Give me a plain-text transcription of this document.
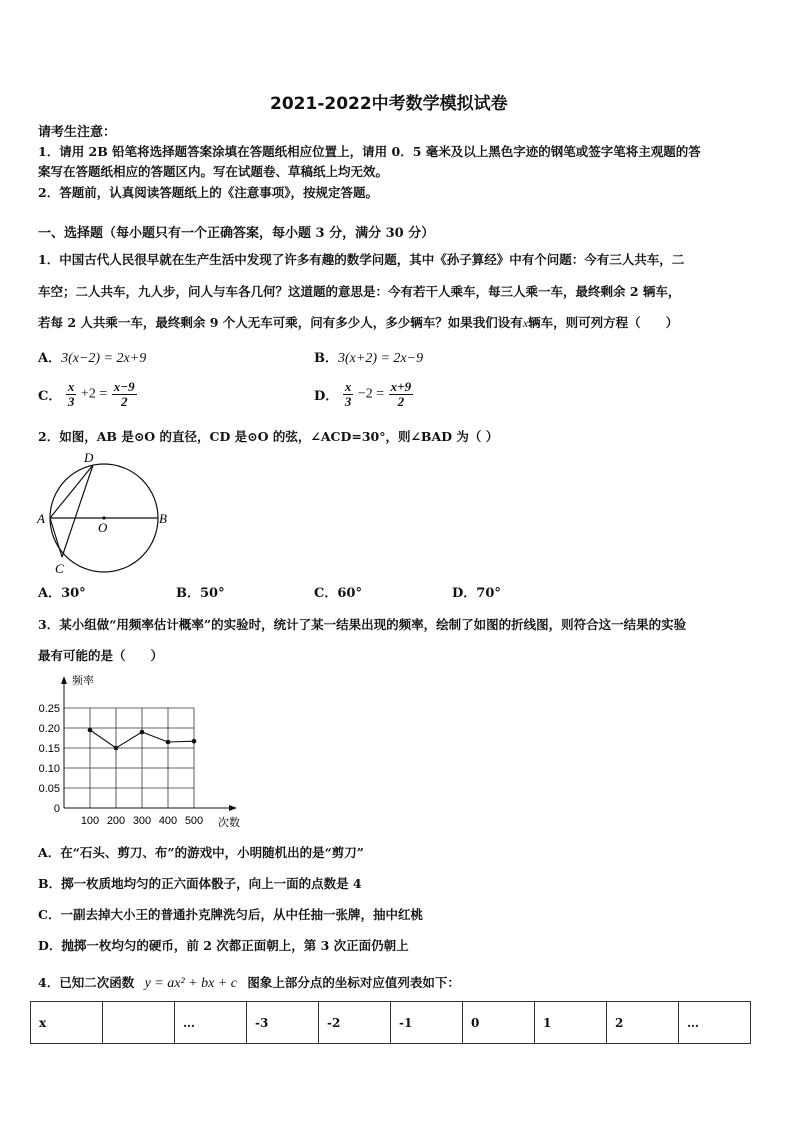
2021-2022中考数学模拟试卷
请考生注意：
1．请用 2B 铅笔将选择题答案涂填在答题纸相应位置上，请用 0．5 毫米及以上黑色字迹的钢笔或签字笔将主观题的答
案写在答题纸相应的答题区内。写在试题卷、草稿纸上均无效。
2．答题前，认真阅读答题纸上的《注意事项》，按规定答题。
一、选择题（每小题只有一个正确答案，每小题 3 分，满分 30 分）
1．中国古代人民很早就在生产生活中发现了许多有趣的数学问题，其中《孙子算经》中有个问题：今有三人共车，二
车空；二人共车，九人步，问人与车各几何？这道题的意思是：今有若干人乘车，每三人乘一车，最终剩余 2 辆车，
若每 2 人共乘一车，最终剩余 9 个人无车可乘，问有多少人，多少辆车？如果我们设有x辆车，则可列方程（　　）
A．3(x−2) = 2x+9	B．3(x+2) = 2x−9
C． $\frac{x}{3} +2 = \frac{x-9}{2}$	D． $\frac{x}{3} -2 = \frac{x+9}{2}$
2．如图，AB 是⊙O 的直径，CD 是⊙O 的弦，∠ACD=30°，则∠BAD 为（ ）
A	B
C
D
O
A．30°	B．50°	C．60°	D．70°
3．某小组做“用频率估计概率”的实验时，统计了某一结果出现的频率，绘制了如图的折线图，则符合这一结果的实验
最有可能的是（　　）
0.25
0.20
0.15
0.10
0.05
0
100 200 300 400 500
频率
次数
A．在“石头、剪刀、布”的游戏中，小明随机出的是“剪刀”
B．掷一枚质地均匀的正六面体骰子，向上一面的点数是 4
C．一副去掉大小王的普通扑克牌洗匀后，从中任抽一张牌，抽中红桃
D．抛掷一枚均匀的硬币，前 2 次都正面朝上，第 3 次正面仍朝上
4．已知二次函数 y = ax² + bx + c 图象上部分点的坐标对应值列表如下：
x		…	-3	-2	-1	0	1	2	…
